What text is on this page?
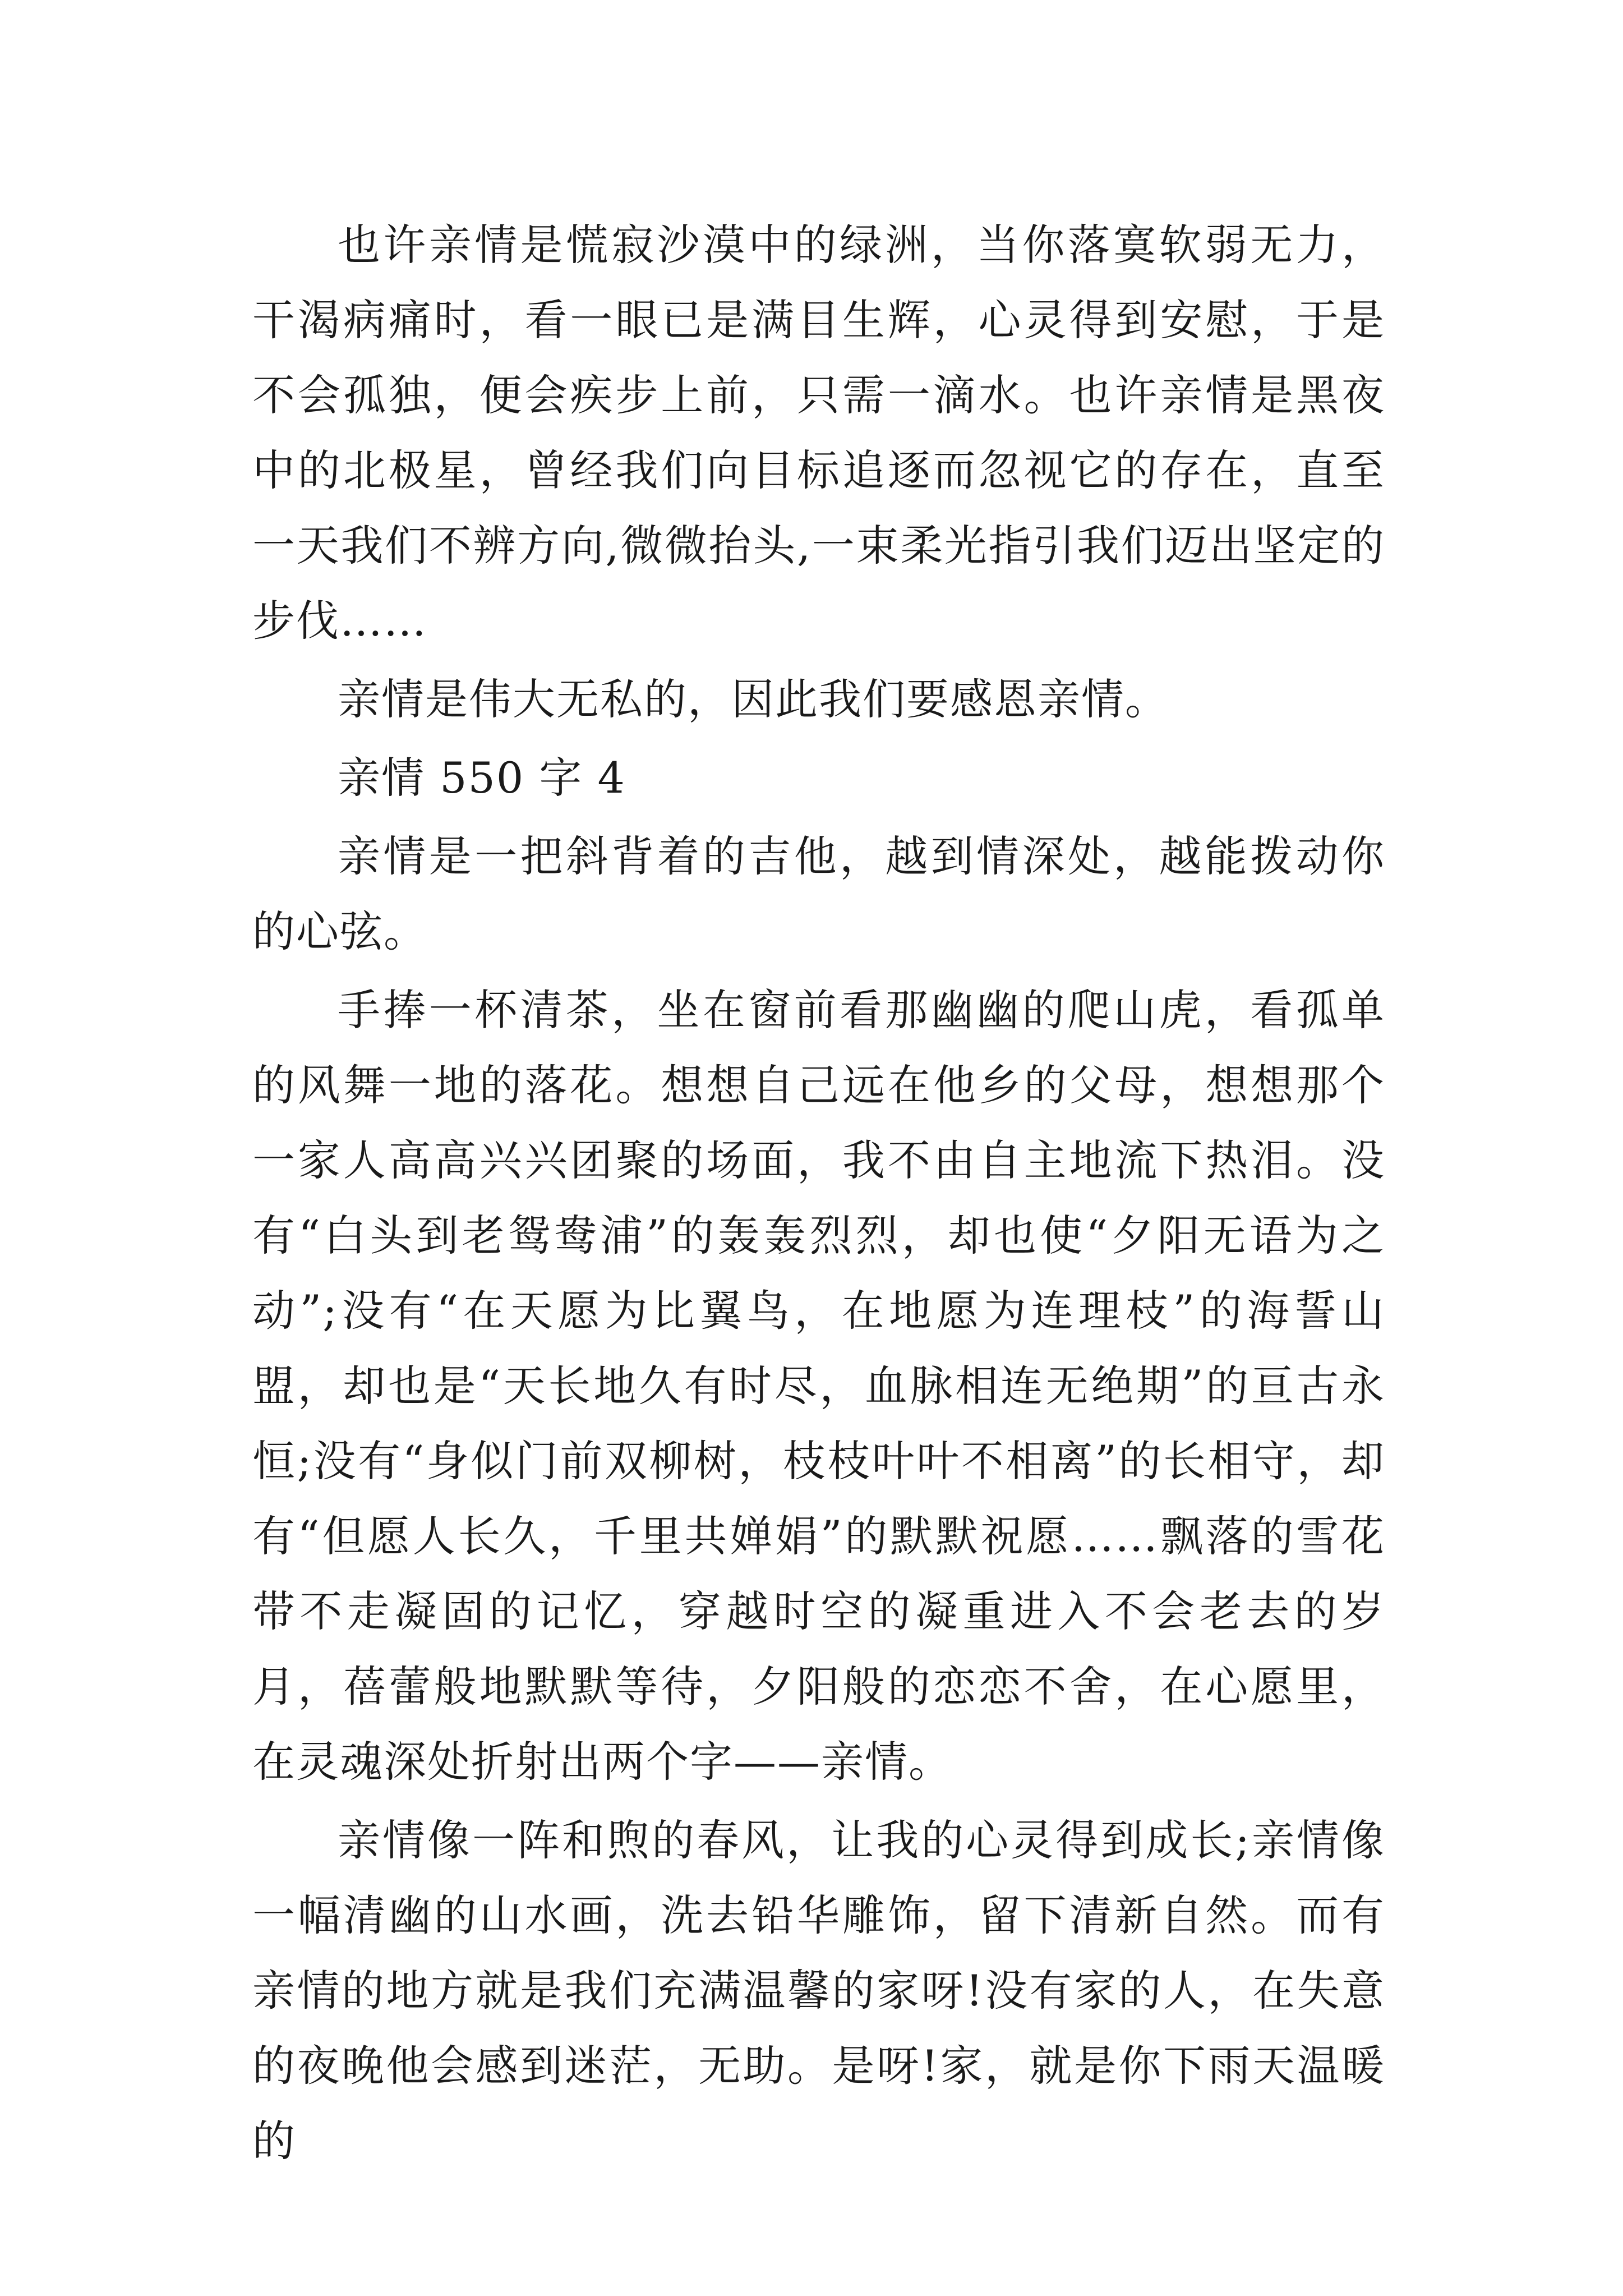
也许亲情是慌寂沙漠中的绿洲，当你落寞软弱无力，干渴病痛时，看一眼已是满目生辉，心灵得到安慰，于是不会孤独，便会疾步上前，只需一滴水。也许亲情是黑夜中的北极星，曾经我们向目标追逐而忽视它的存在，直至一天我们不辨方向,微微抬头,一束柔光指引我们迈出坚定的步伐……

亲情是伟大无私的，因此我们要感恩亲情。

亲情 550 字 4

亲情是一把斜背着的吉他，越到情深处，越能拨动你的心弦。

手捧一杯清茶，坐在窗前看那幽幽的爬山虎，看孤单的风舞一地的落花。想想自己远在他乡的父母，想想那个一家人高高兴兴团聚的场面，我不由自主地流下热泪。没有“白头到老鸳鸯浦”的轰轰烈烈，却也使“夕阳无语为之动”;没有“在天愿为比翼鸟，在地愿为连理枝”的海誓山盟，却也是“天长地久有时尽，血脉相连无绝期”的亘古永恒;没有“身似门前双柳树，枝枝叶叶不相离”的长相守，却有“但愿人长久，千里共婵娟”的默默祝愿……飘落的雪花带不走凝固的记忆，穿越时空的凝重进入不会老去的岁月，蓓蕾般地默默等待，夕阳般的恋恋不舍，在心愿里，在灵魂深处折射出两个字——亲情。

亲情像一阵和煦的春风，让我的心灵得到成长;亲情像一幅清幽的山水画，洗去铅华雕饰，留下清新自然。而有亲情的地方就是我们充满温馨的家呀!没有家的人，在失意的夜晚他会感到迷茫，无助。是呀!家，就是你下雨天温暖的
